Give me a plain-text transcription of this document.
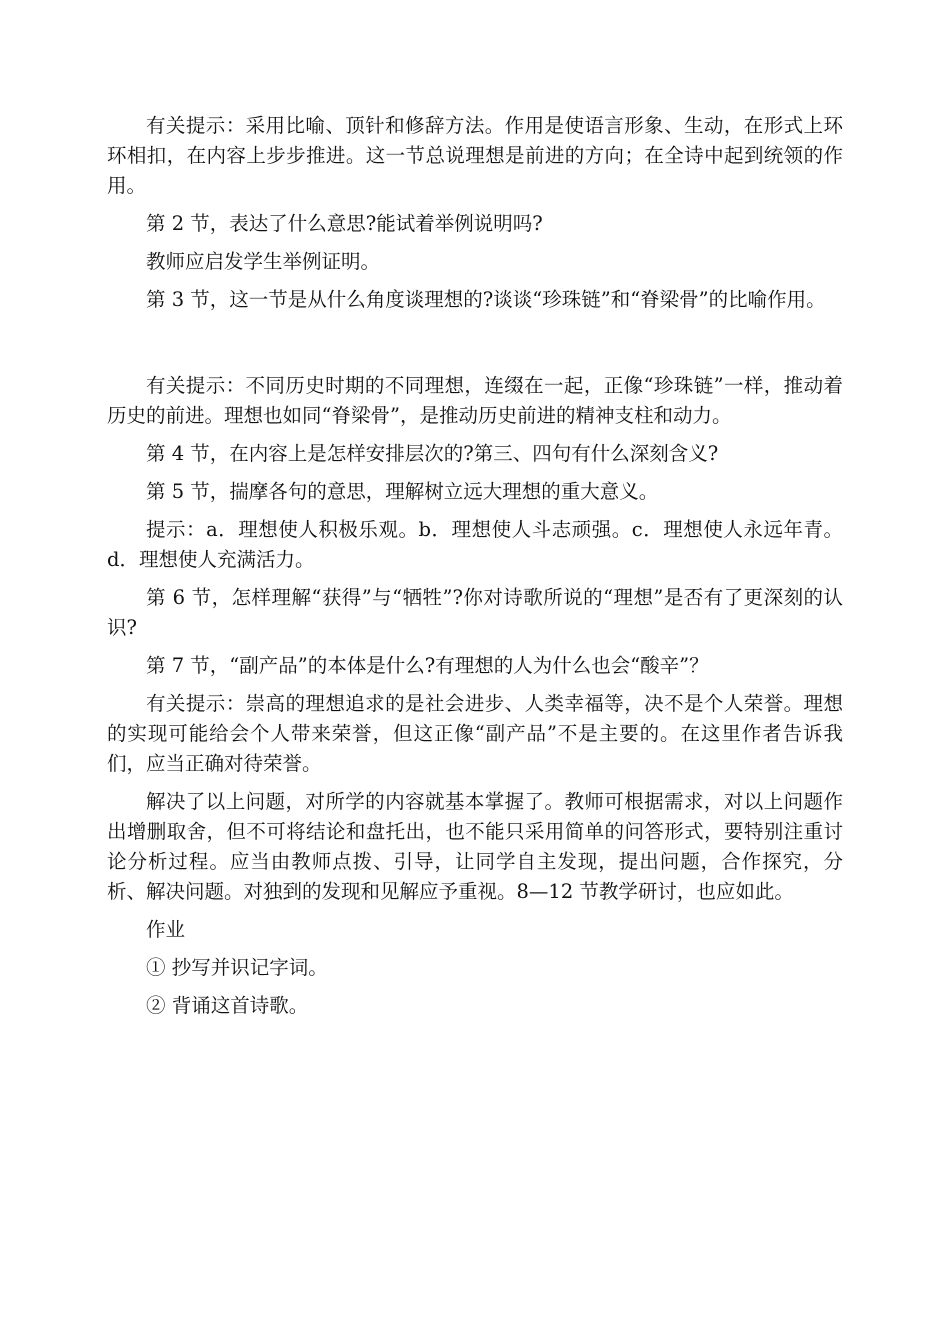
有关提示：采用比喻、顶针和修辞方法。作用是使语言形象、生动，在形式上环环相扣，在内容上步步推进。这一节总说理想是前进的方向；在全诗中起到统领的作用。

第 2 节，表达了什么意思?能试着举例说明吗?

教师应启发学生举例证明。

第 3 节，这一节是从什么角度谈理想的?谈谈“珍珠链”和“脊梁骨”的比喻作用。

有关提示：不同历史时期的不同理想，连缀在一起，正像“珍珠链”一样，推动着历史的前进。理想也如同“脊梁骨”，是推动历史前进的精神支柱和动力。

第 4 节，在内容上是怎样安排层次的?第三、四句有什么深刻含义?

第 5 节，揣摩各句的意思，理解树立远大理想的重大意义。

提示：a．理想使人积极乐观。b．理想使人斗志顽强。c．理想使人永远年青。d．理想使人充满活力。

第 6 节，怎样理解“获得”与“牺牲”?你对诗歌所说的“理想”是否有了更深刻的认识?

第 7 节，“副产品”的本体是什么?有理想的人为什么也会“酸辛”？

有关提示：崇高的理想追求的是社会进步、人类幸福等，决不是个人荣誉。理想的实现可能给会个人带来荣誉，但这正像“副产品”不是主要的。在这里作者告诉我们，应当正确对待荣誉。

解决了以上问题，对所学的内容就基本掌握了。教师可根据需求，对以上问题作出增删取舍，但不可将结论和盘托出，也不能只采用简单的问答形式，要特别注重讨论分析过程。应当由教师点拨、引导，让同学自主发现，提出问题，合作探究，分析、解决问题。对独到的发现和见解应予重视。8—12 节教学研讨，也应如此。

作业

① 抄写并识记字词。

② 背诵这首诗歌。
